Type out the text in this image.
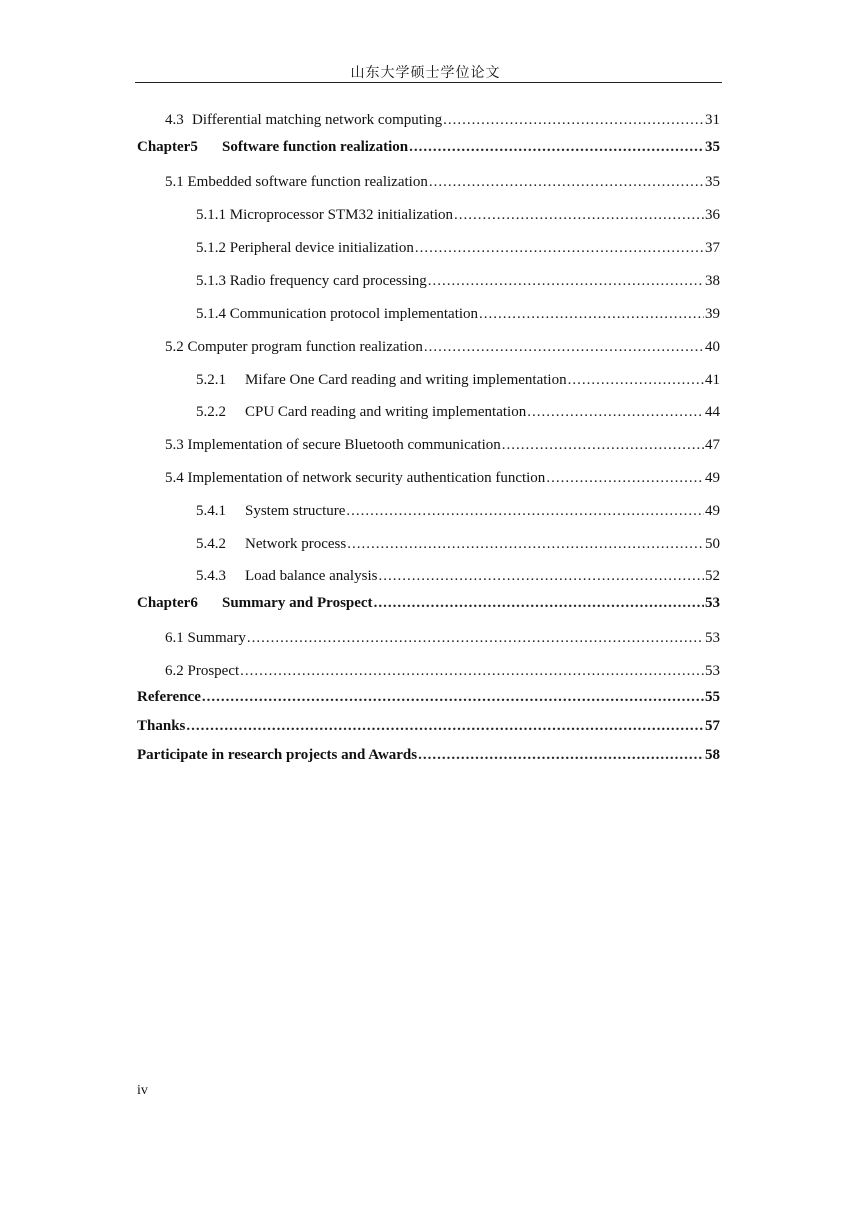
山东大学硕士学位论文
4.3 Differential matching network computing .....	31
Chapter5	Software function realization .....	35
5.1 Embedded software function realization .....	35
5.1.1 Microprocessor STM32 initialization .....	36
5.1.2 Peripheral device initialization .....	37
5.1.3 Radio frequency card processing .....	38
5.1.4 Communication protocol implementation .....	39
5.2 Computer program function realization .....	40
5.2.1	Mifare One Card reading and writing implementation .....	41
5.2.2	CPU Card reading and writing implementation .....	44
5.3 Implementation of secure Bluetooth communication .....	47
5.4 Implementation of network security authentication function .....	49
5.4.1	System structure .....	49
5.4.2	Network process .....	50
5.4.3	Load balance analysis .....	52
Chapter6	Summary and Prospect .....	53
6.1 Summary .....	53
6.2 Prospect .....	53
Reference .....	55
Thanks .....	57
Participate in research projects and Awards .....	58
iv
